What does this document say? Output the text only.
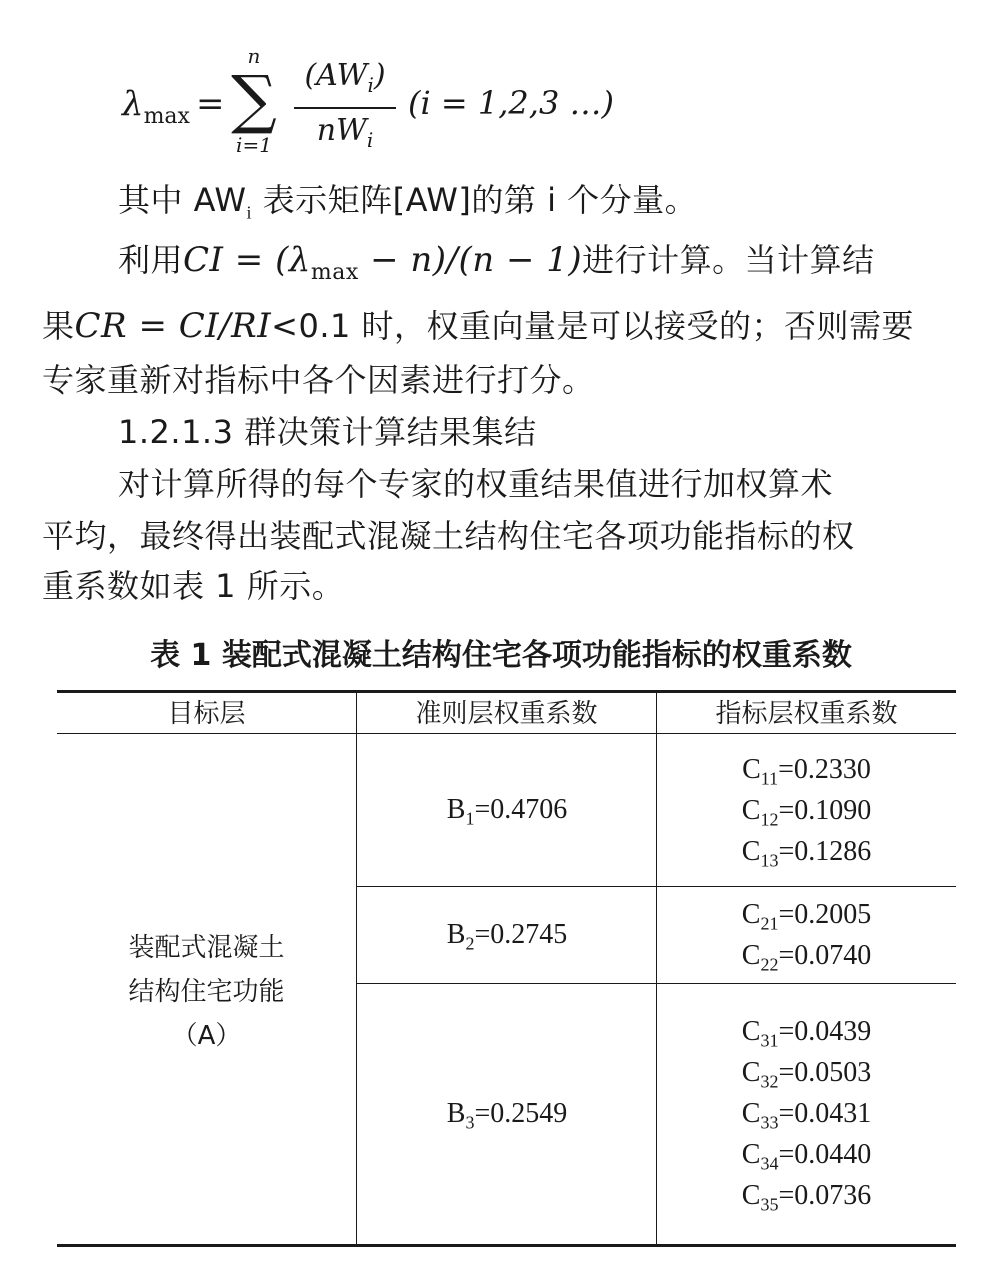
$\lambda_{max}$ =
n
∑
i=1
$(AW_i)$
$nW_i$
(i = 1,2,3 …)
其中 $AW_i$ 表示矩阵[AW]的第 i 个分量。
利用CI = $(\lambda_{max} - n)/(n - 1)$进行计算。当计算结
果CR = CI/RI<0.1 时，权重向量是可以接受的；否则需要
专家重新对指标中各个因素进行打分。
1.2.1.3 群决策计算结果集结
对计算所得的每个专家的权重结果值进行加权算术
平均，最终得出装配式混凝土结构住宅各项功能指标的权
重系数如表 1 所示。
表 1 装配式混凝土结构住宅各项功能指标的权重系数
目标层	准则层权重系数	指标层权重系数
装配式混凝土
结构住宅功能
（A）
$B_1=0.4706$
$C_{11}=0.2330$
$C_{12}=0.1090$
$C_{13}=0.1286$
$B_2=0.2745$
$C_{21}=0.2005$
$C_{22}=0.0740$
$B_3=0.2549$
$C_{31}=0.0439$
$C_{32}=0.0503$
$C_{33}=0.0431$
$C_{34}=0.0440$
$C_{35}=0.0736$
